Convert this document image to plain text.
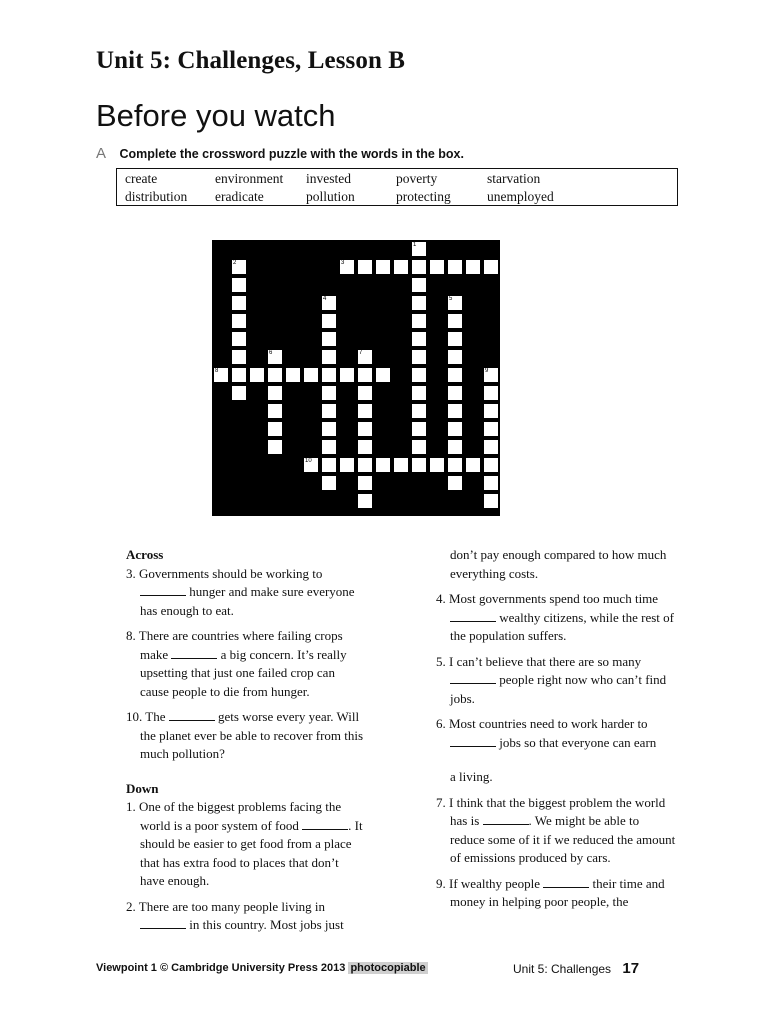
Unit 5: Challenges, Lesson B
Before you watch
A Complete the crossword puzzle with the words in the box.
create	environment invested	poverty	starvation
distribution eradicate	pollution	protecting	unemployed
1
2	3
4	5
6	7
8	9
10

Across

3. Governments should be working to  hunger and make sure everyone has enough to eat.

8. There are countries where failing crops make	a big concern. It’s really upsetting that just one failed crop can cause people to die from hunger.

10. The	gets worse every year. Will the planet ever be able to recover from this much pollution?

Down

1. One of the biggest problems facing the world is a poor system of food	. It should be easier to get food from a place that has extra food to places that don’t have enough.

2. There are too many people living in  in this country. Most jobs just

don’t pay enough compared to how much everything costs.

4. Most governments spend too much time  wealthy citizens, while the rest of the population suffers.

5. I can’t believe that there are so many  people right now who can’t find jobs.

6. Most countries need to work harder to  jobs so that everyone can earn

a living.

7. I think that the biggest problem the world has is	. We might be able to reduce some of it if we reduced the amount of emissions produced by cars.

9. If wealthy people	their time and money in helping poor people, the

Viewpoint 1 © Cambridge University Press 2013 photocopiable	Unit 5: Challenges 17
